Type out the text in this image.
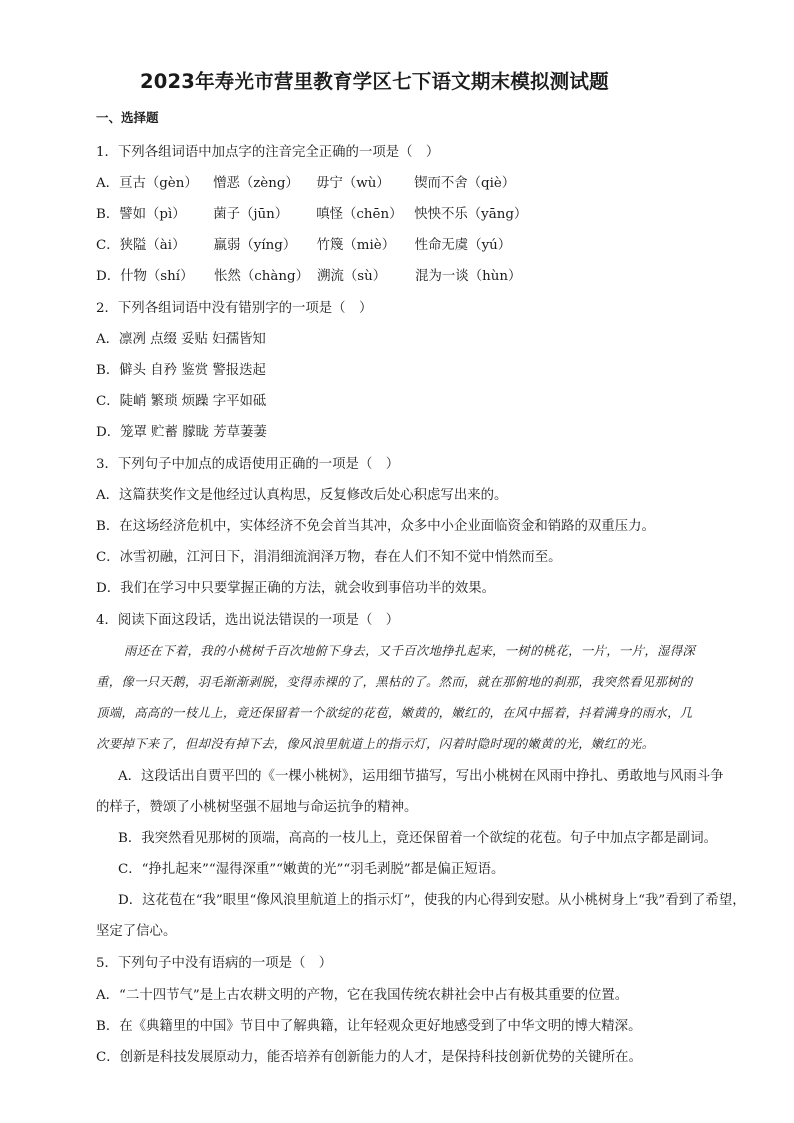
2023年寿光市营里教育学区七下语文期末模拟测试题
一、选择题
1．下列各组词语中加点字的注音完全正确的一项是（　）
A．亘古（gèn） 憎恶（zèng） 毋宁（wù） 锲而不舍（qiè）
B．譬如（pì） 菌子（jūn） 嗔怪（chēn） 怏怏不乐（yāng）
C．狭隘（ài） 羸弱（yíng） 竹篾（miè） 性命无虞（yú）
D．什物（shí） 怅然（chàng） 溯流（sù） 混为一谈（hùn）
2．下列各组词语中没有错别字的一项是（　）
A．凛冽 点缀 妥贴 妇孺皆知
B．僻头 自矜 鉴赏 警报迭起
C．陡峭 繁琐 烦躁 字平如砥
D．笼罩 贮蓄 朦眬 芳草萋萋
3．下列句子中加点的成语使用正确的一项是（　）
A．这篇获奖作文是他经过认真构思，反复修改后处心积虑写出来的。
B．在这场经济危机中，实体经济不免会首当其冲，众多中小企业面临资金和销路的双重压力。
C．冰雪初融，江河日下，涓涓细流润泽万物，春在人们不知不觉中悄然而至。
D．我们在学习中只要掌握正确的方法，就会收到事倍功半的效果。
4．阅读下面这段话，选出说法错误的一项是（　）
雨还在下着，我的小桃树千百次地俯下身去，又千百次地挣扎起来，一树的桃花，一片，一片，湿得深
重，像一只天鹅，羽毛渐渐剥脱，变得赤裸的了，黑枯的了。然而，就在那俯地的刹那，我突然看见那树的
顶端，高高的一枝儿上，竟还保留着一个欲绽的花苞，嫩黄的，嫩红的，在风中摇着，抖着满身的雨水，几
次要掉下来了，但却没有掉下去，像风浪里航道上的指示灯，闪着时隐时现的嫩黄的光，嫩红的光。
A．这段话出自贾平凹的《一棵小桃树》，运用细节描写，写出小桃树在风雨中挣扎、勇敢地与风雨斗争
的样子，赞颂了小桃树坚强不屈地与命运抗争的精神。
B．我突然看见那树的顶端，高高的一枝儿上，竟还保留着一个欲绽的花苞。句子中加点字都是副词。
C．“挣扎起来”“湿得深重”“嫩黄的光”“羽毛剥脱”都是偏正短语。
D．这花苞在“我”眼里“像风浪里航道上的指示灯”，使我的内心得到安慰。从小桃树身上“我”看到了希望，
坚定了信心。
5．下列句子中没有语病的一项是（　）
A．“二十四节气”是上古农耕文明的产物，它在我国传统农耕社会中占有极其重要的位置。
B．在《典籍里的中国》节目中了解典籍，让年轻观众更好地感受到了中华文明的博大精深。
C．创新是科技发展原动力，能否培养有创新能力的人才，是保持科技创新优势的关键所在。
